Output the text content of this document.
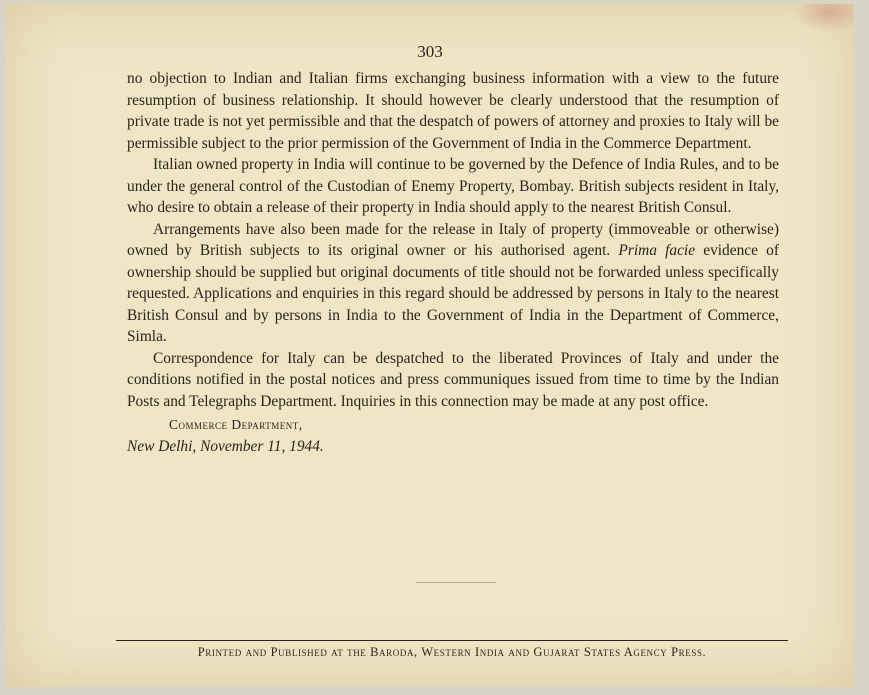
303

no objection to Indian and Italian firms exchanging business information with a view to the future resumption of business relationship. It should however be clearly understood that the resumption of private trade is not yet permissible and that the despatch of powers of attorney and proxies to Italy will be permissible subject to the prior permission of the Government of India in the Commerce Department.

Italian owned property in India will continue to be governed by the Defence of India Rules, and to be under the general control of the Custodian of Enemy Property, Bombay. British subjects resident in Italy, who desire to obtain a release of their property in India should apply to the nearest British Consul.

Arrangements have also been made for the release in Italy of property (immoveable or otherwise) owned by British subjects to its original owner or his authorised agent. Prima facie evidence of ownership should be supplied but original documents of title should not be forwarded unless specifically requested. Applications and enquiries in this regard should be addressed by persons in Italy to the nearest British Consul and by persons in India to the Government of India in the Department of Commerce, Simla.

Correspondence for Italy can be despatched to the liberated Provinces of Italy and under the conditions notified in the postal notices and press communiques issued from time to time by the Indian Posts and Telegraphs Department. Inquiries in this connection may be made at any post office.

Commerce Department,
New Delhi, November 11, 1944.
Printed and Published at the Baroda, Western India and Gujarat States Agency Press.
